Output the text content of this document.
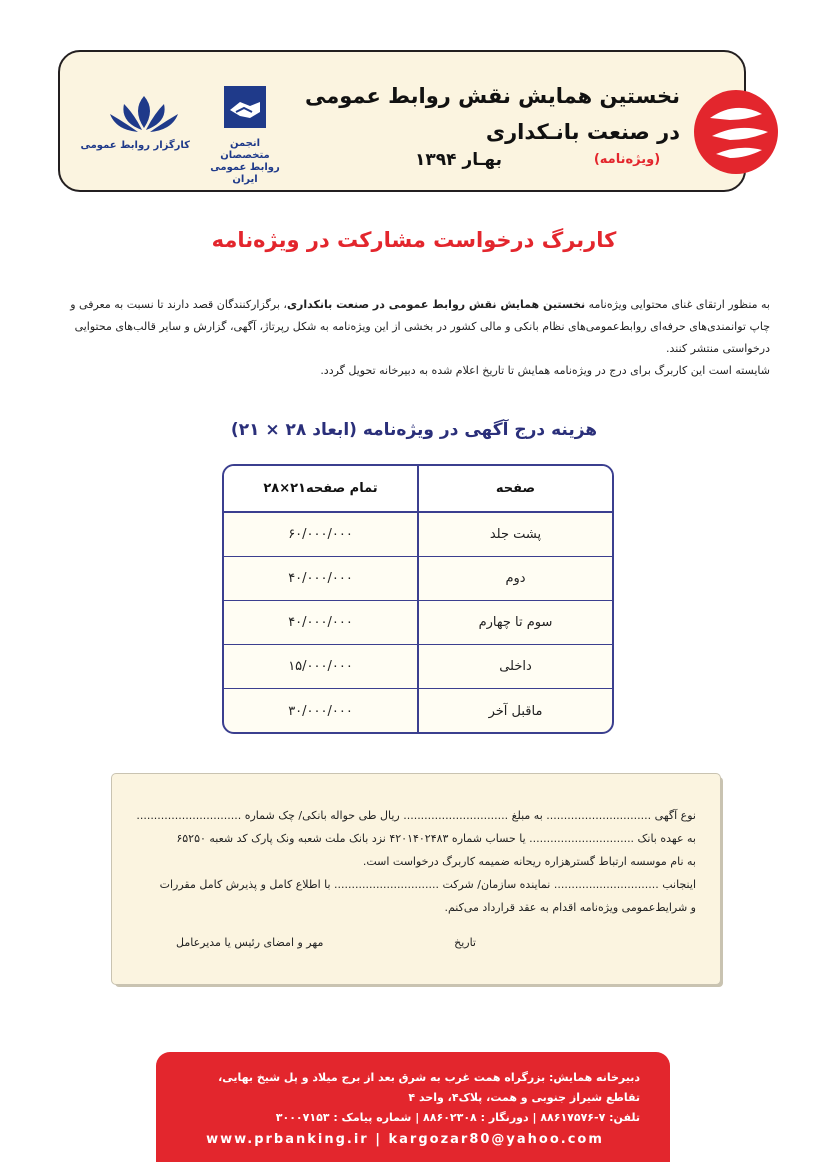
نخستین همایش نقش روابط عمومی
در صنعت بانـکداری
بهـار ۱۳۹۴	(ویژه‌نامه)
انجمن متخصصان روابط عمومی ایران
کارگزار روابط عمومی
کاربرگ درخواست مشارکت در ویژه‌نامه

به منظور ارتقای غنای محتوایی ویژه‌نامه نخستین همایش نقش روابط عمومی در صنعت بانکداری، برگزارکنندگان قصد دارند تا نسبت به معرفی و چاپ توانمندی‌های حرفه‌ای روابط‌عمومی‌های نظام بانکی و مالی کشور در بخشی از این ویژه‌نامه به شکل رپرتاژ، آگهی، گزارش و سایر قالب‌های محتوایی درخواستی منتشر کنند.

شایسته است این کاربرگ برای درج در ویژه‌نامه همایش تا تاریخ اعلام شده به دبیرخانه تحویل گردد.

هزینه درج آگهی در ویژه‌نامه (ابعاد ۲۸ × ۲۱)
صفحه
تمام صفحه۲۱×۲۸
پشت جلد
۶۰/۰۰۰/۰۰۰
دوم
۴۰/۰۰۰/۰۰۰
سوم تا چهارم
۴۰/۰۰۰/۰۰۰
داخلی
۱۵/۰۰۰/۰۰۰
ماقبل آخر
۳۰/۰۰۰/۰۰۰

نوع آگهی .............................. به مبلغ .............................. ریال طی حواله بانکی/ چک شماره ..............................

به عهده بانک .............................. یا حساب شماره ۴۲۰۱۴۰۲۴۸۳ نزد بانک ملت شعبه ونک پارک کد شعبه ۶۵۲۵۰

به نام موسسه ارتباط گسترهزاره ریحانه ضمیمه کاربرگ درخواست است.

اینجانب .............................. نماینده سازمان/ شرکت .............................. با اطلاع کامل و پذیرش کامل مقررات

و شرایط‌عمومی ویژه‌نامه اقدام به عقد قرارداد می‌کنم.

تاریخ
مهر و امضای رئیس یا مدیرعامل

دبیرخانه همایش: بزرگراه همت غرب به شرق بعد از برج میلاد و پل شیخ بهایی،

تقاطع شیراز جنوبی و همت، پلاک۴، واحد ۴

تلفن: ۷-۸۸۶۱۷۵۷۶ | دورنگار : ۸۸۶۰۲۳۰۸ | شماره پیامک : ۳۰۰۰۷۱۵۳

www.prbanking.ir | kargozar80@yahoo.com
